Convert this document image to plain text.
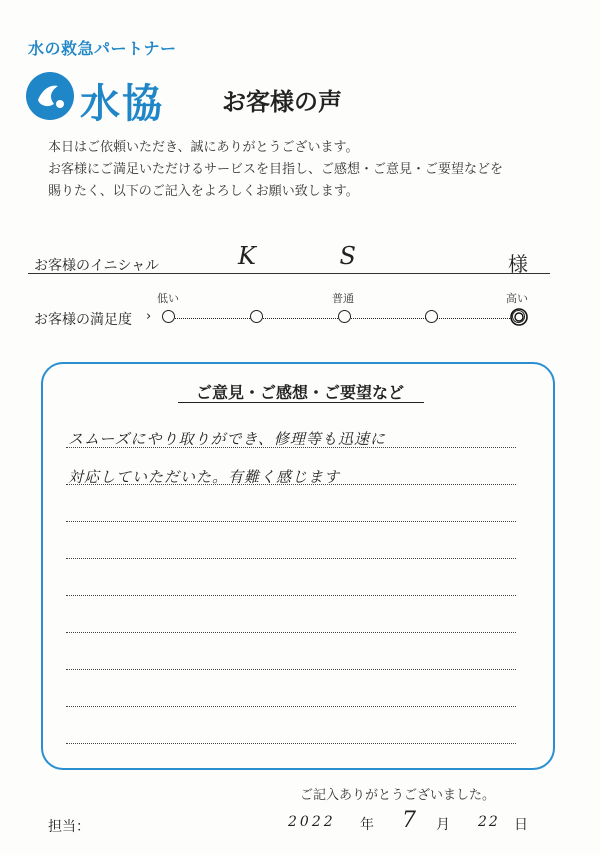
水の救急パートナー
水協 お客様の声

本日はご依頼いただき、誠にありがとうございます。

お客様にご満足いただけるサービスを目指し、ご感想・ご意見・ご要望などを

賜りたく、以下のご記入をよろしくお願い致します。

お客様のイニシャル	K S	様
お客様の満足度 ›
低い	普通	高い
ご意見・ご感想・ご要望など
スムーズにやり取りができ、修理等も迅速に
対応していただいた。有難く感じます
ご記入ありがとうございました。
担当：	2022 年 7 月 22 日
